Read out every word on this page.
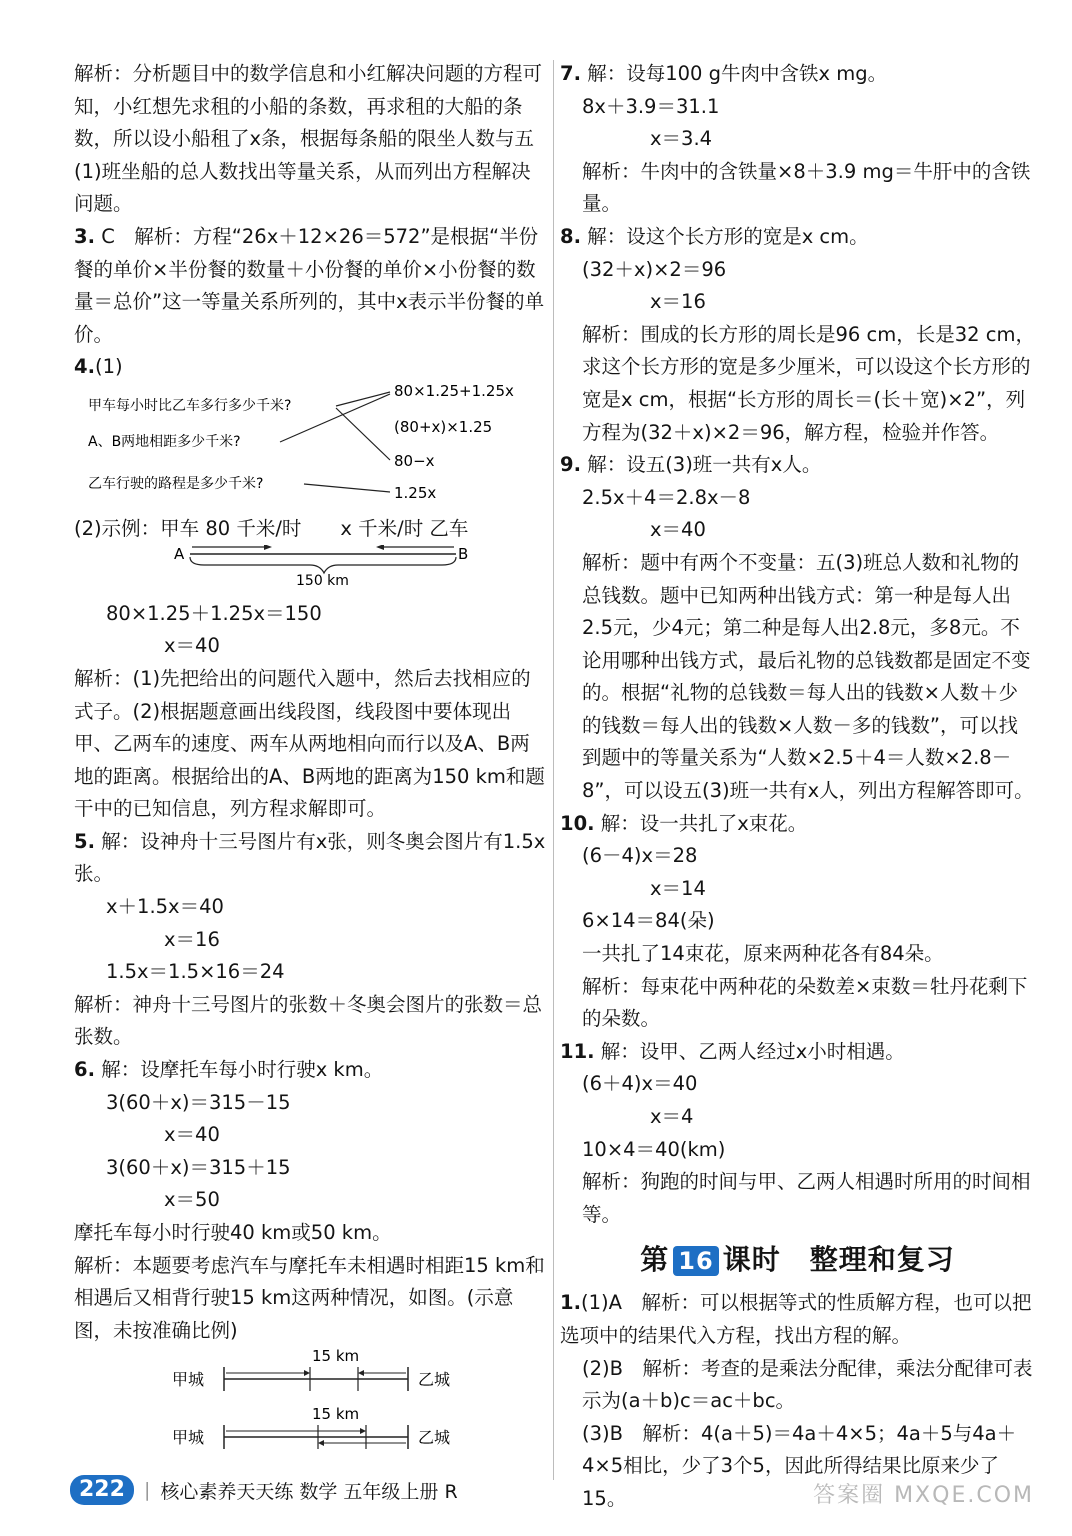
解析：分析题目中的数学信息和小红解决问题的方程可知，小红想先求租的小船的条数，再求租的大船的条数，所以设小船租了x条，根据每条船的限坐人数与五(1)班坐船的总人数找出等量关系，从而列出方程解决问题。

3. C　解析：方程“26x＋12×26＝572”是根据“半份餐的单价×半份餐的数量＋小份餐的单价×小份餐的数量＝总价”这一等量关系所列的，其中x表示半份餐的单价。

4.(1)

甲车每小时比乙车多行多少千米?
A、B两地相距多少千米?
乙车行驶的路程是多少千米?
80×1.25+1.25x
(80+x)×1.25
80−x
1.25x

(2)示例：甲车 80 千米/时　　x 千米/时 乙车

A	B
150 km

80×1.25＋1.25x＝150

x＝40

解析：(1)先把给出的问题代入题中，然后去找相应的式子。(2)根据题意画出线段图，线段图中要体现出甲、乙两车的速度、两车从两地相向而行以及A、B两地的距离。根据给出的A、B两地的距离为150 km和题干中的已知信息，列方程求解即可。

5. 解：设神舟十三号图片有x张，则冬奥会图片有1.5x张。

x＋1.5x＝40

x＝16

1.5x＝1.5×16＝24

解析：神舟十三号图片的张数＋冬奥会图片的张数＝总张数。

6. 解：设摩托车每小时行驶x km。

3(60＋x)＝315－15

x＝40

3(60＋x)＝315＋15

x＝50

摩托车每小时行驶40 km或50 km。

解析：本题要考虑汽车与摩托车未相遇时相距15 km和相遇后又相背行驶15 km这两种情况，如图。(示意图，未按准确比例)

15 km
甲城	乙城
15 km
甲城	乙城

7. 解：设每100 g牛肉中含铁x mg。

8x＋3.9＝31.1

x＝3.4

解析：牛肉中的含铁量×8＋3.9 mg＝牛肝中的含铁量。

8. 解：设这个长方形的宽是x cm。

(32＋x)×2＝96

x＝16

解析：围成的长方形的周长是96 cm，长是32 cm，求这个长方形的宽是多少厘米，可以设这个长方形的宽是x cm，根据“长方形的周长＝(长＋宽)×2”，列方程为(32＋x)×2＝96，解方程，检验并作答。

9. 解：设五(3)班一共有x人。

2.5x＋4＝2.8x－8

x＝40

解析：题中有两个不变量：五(3)班总人数和礼物的总钱数。题中已知两种出钱方式：第一种是每人出2.5元，少4元；第二种是每人出2.8元，多8元。不论用哪种出钱方式，最后礼物的总钱数都是固定不变的。根据“礼物的总钱数＝每人出的钱数×人数＋少的钱数＝每人出的钱数×人数－多的钱数”，可以找到题中的等量关系为“人数×2.5＋4＝人数×2.8－8”，可以设五(3)班一共有x人，列出方程解答即可。

10. 解：设一共扎了x束花。

(6－4)x＝28

x＝14

6×14＝84(朵)

一共扎了14束花，原来两种花各有84朵。

解析：每束花中两种花的朵数差×束数＝牡丹花剩下的朵数。

11. 解：设甲、乙两人经过x小时相遇。

(6＋4)x＝40

x＝4

10×4＝40(km)

解析：狗跑的时间与甲、乙两人相遇时所用的时间相等。

第 16 课时　整理和复习

1.(1)A　解析：可以根据等式的性质解方程，也可以把选项中的结果代入方程，找出方程的解。

(2)B　解析：考查的是乘法分配律，乘法分配律可表示为(a＋b)c＝ac＋bc。

(3)B　解析：4(a＋5)＝4a＋4×5；4a＋5与4a＋4×5相比，少了3个5，因此所得结果比原来少了15。

222	| 核心素养天天练 数学 五年级上册 R	答案圈 MXQE.COM
